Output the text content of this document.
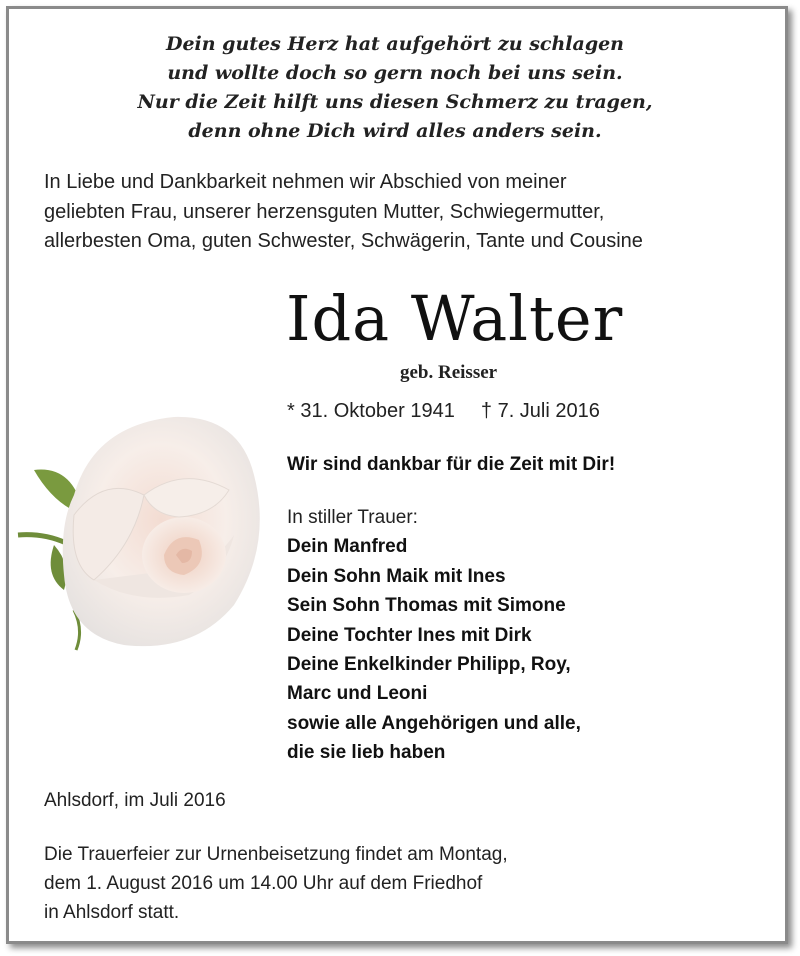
Dein gutes Herz hat aufgehört zu schlagen
und wollte doch so gern noch bei uns sein.
Nur die Zeit hilft uns diesen Schmerz zu tragen,
denn ohne Dich wird alles anders sein.
In Liebe und Dankbarkeit nehmen wir Abschied von meiner
geliebten Frau, unserer herzensguten Mutter, Schwiegermutter,
allerbesten Oma, guten Schwester, Schwägerin, Tante und Cousine
Ida Walter
geb. Reisser
* 31. Oktober 1941 † 7. Juli 2016
Wir sind dankbar für die Zeit mit Dir!
In stiller Trauer:
Dein Manfred
Dein Sohn Maik mit Ines
Sein Sohn Thomas mit Simone
Deine Tochter Ines mit Dirk
Deine Enkelkinder Philipp, Roy,
Marc und Leoni
sowie alle Angehörigen und alle,
die sie lieb haben
Ahlsdorf, im Juli 2016
Die Trauerfeier zur Urnenbeisetzung findet am Montag,
dem 1. August 2016 um 14.00 Uhr auf dem Friedhof
in Ahlsdorf statt.
